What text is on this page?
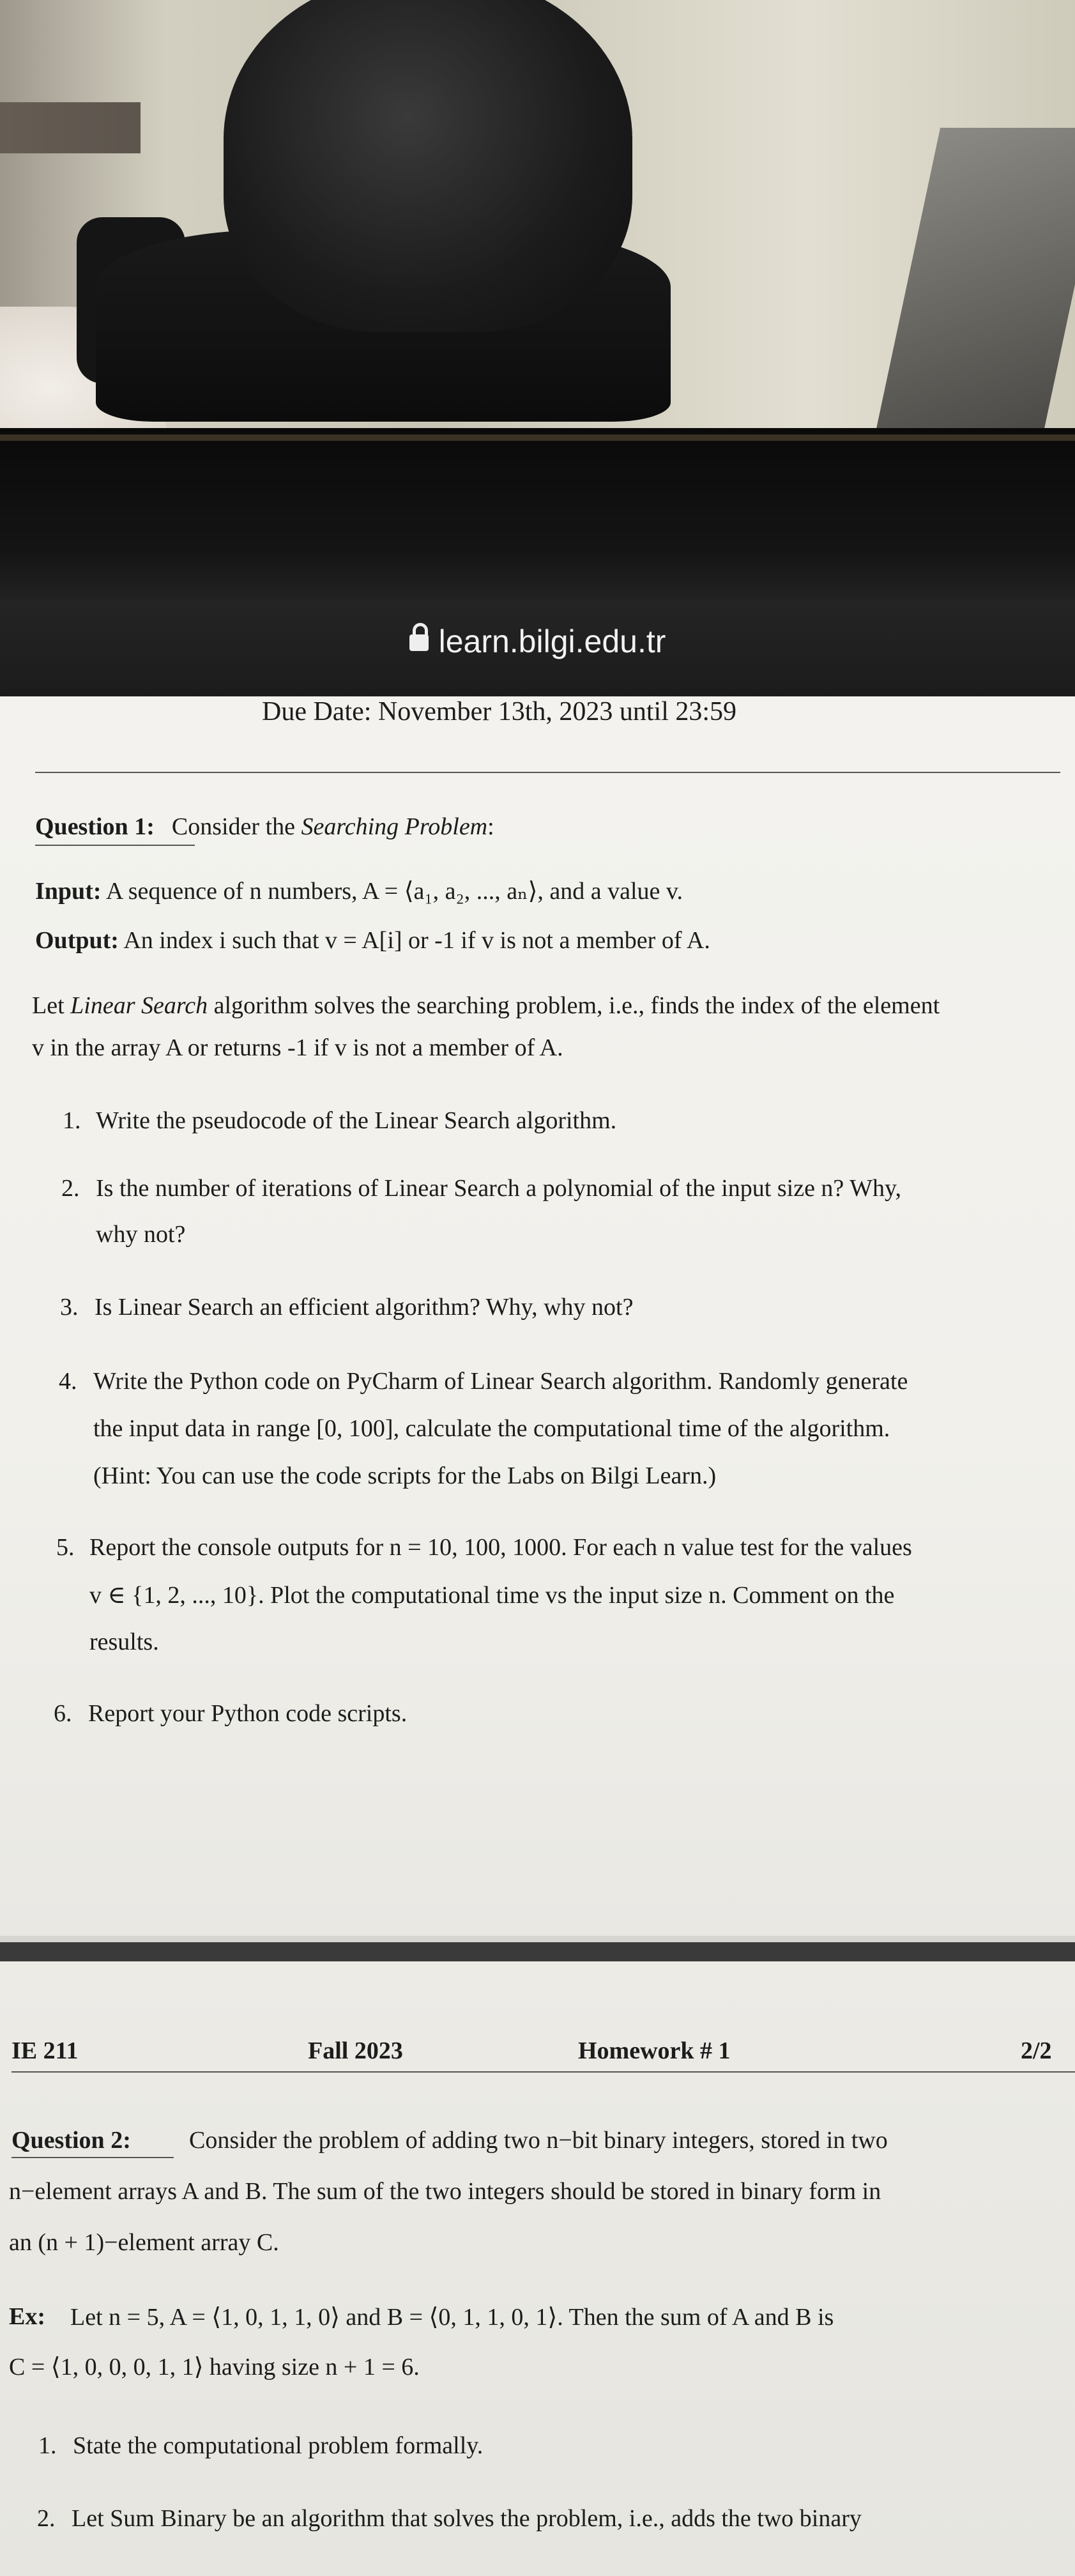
learn.bilgi.edu.tr
Due Date: November 13th, 2023 until 23:59
Question 1: Consider the Searching Problem:
Input: A sequence of n numbers, A = ⟨a₁, a₂, ..., aₙ⟩, and a value v.
Output: An index i such that v = A[i] or -1 if v is not a member of A.
Let Linear Search algorithm solves the searching problem, i.e., finds the index of the element
v in the array A or returns -1 if v is not a member of A.
1. Write the pseudocode of the Linear Search algorithm.
2. Is the number of iterations of Linear Search a polynomial of the input size n? Why,
why not?
3. Is Linear Search an efficient algorithm? Why, why not?
4. Write the Python code on PyCharm of Linear Search algorithm. Randomly generate
the input data in range [0, 100], calculate the computational time of the algorithm.
(Hint: You can use the code scripts for the Labs on Bilgi Learn.)
5. Report the console outputs for n = 10, 100, 1000. For each n value test for the values
v ∈ {1, 2, ..., 10}. Plot the computational time vs the input size n. Comment on the
results.
6. Report your Python code scripts.
IE 211	Fall 2023	Homework # 1	2/2
Question 2: Consider the problem of adding two n−bit binary integers, stored in two
n−element arrays A and B. The sum of the two integers should be stored in binary form in
an (n + 1)−element array C.
Ex: Let n = 5, A = ⟨1, 0, 1, 1, 0⟩ and B = ⟨0, 1, 1, 0, 1⟩. Then the sum of A and B is
C = ⟨1, 0, 0, 0, 1, 1⟩ having size n + 1 = 6.
1. State the computational problem formally.
2. Let Sum Binary be an algorithm that solves the problem, i.e., adds the two binary
